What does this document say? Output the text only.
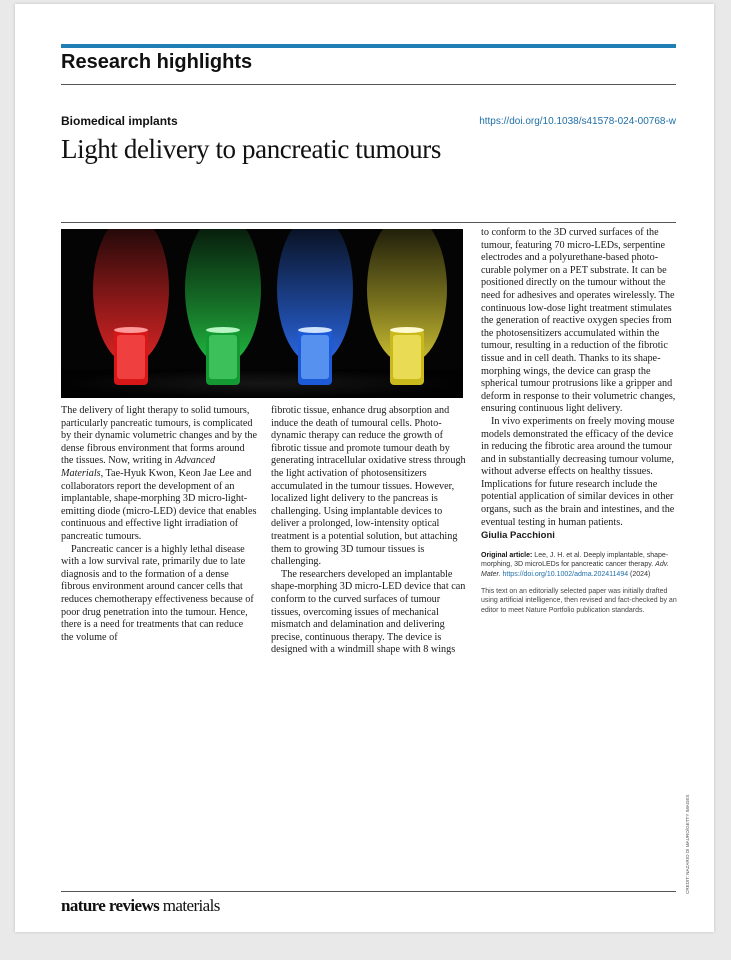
Research highlights
Biomedical implants	https://doi.org/10.1038/s41578-024-00768-w
Light delivery to pancreatic tumours

The delivery of light therapy to solid tumours, particularly pancreatic tumours, is complicated by their dynamic volumetric changes and by the dense fibrous environment that forms around the tissues. Now, writing in Advanced Materials, Tae-Hyuk Kwon, Keon Jae Lee and collaborators report the development of an implantable, shape-morphing 3D micro-light-emitting diode (micro-LED) device that enables continuous and effective light irradiation of pancreatic tumours.

Pancreatic cancer is a highly lethal disease with a low survival rate, primarily due to late diagnosis and to the formation of a dense fibrous environment around cancer cells that reduces chemotherapy effectiveness because of poor drug penetration into the tumour. Hence, there is a need for treatments that can reduce the volume of

fibrotic tissue, enhance drug absorption and induce the death of tumoural cells. Photodynamic therapy can reduce the growth of fibrotic tissue and promote tumour death by generating intracellular oxidative stress through the light activation of photosensitizers accumulated in the tumour tissues. However, localized light delivery to the pancreas is challenging. Using implantable devices to deliver a prolonged, low-intensity optical treatment is a potential solution, but attaching them to growing 3D tumour tissues is challenging.

The researchers developed an implantable shape-morphing 3D micro-LED device that can conform to the curved surfaces of tumour tissues, overcoming issues of mechanical mismatch and delamination and delivering precise, continuous therapy. The device is designed with a windmill shape with 8 wings

to conform to the 3D curved surfaces of the tumour, featuring 70 micro-LEDs, serpentine electrodes and a polyurethane-based photocurable polymer on a PET substrate. It can be positioned directly on the tumour without the need for adhesives and operates wirelessly. The continuous low-dose light treatment stimulates the generation of reactive oxygen species from the photosensitizers accumulated within the tumour, resulting in a reduction of the fibrotic tissue and in cell death. Thanks to its shape-morphing wings, the device can grasp the spherical tumour protrusions like a gripper and deform in response to their volumetric changes, ensuring continuous light delivery.

In vivo experiments on freely moving mouse models demonstrated the efficacy of the device in reducing the fibrotic area around the tumour and in substantially decreasing tumour volume, without adverse effects on healthy tissues. Implications for future research include the potential application of similar devices in other organs, such as the brain and intestines, and the eventual testing in human patients.

Giulia Pacchioni

Original article: Lee, J. H. et al. Deeply implantable, shape-morphing, 3D microLEDs for pancreatic cancer therapy. Adv. Mater. https://doi.org/10.1002/adma.202411494 (2024)

This text on an editorially selected paper was initially drafted using artificial intelligence, then revised and fact-checked by an editor to meet Nature Portfolio publication standards.

CREDIT: NAZARIO DI MAURO/GETTY IMAGES
nature reviews materials
